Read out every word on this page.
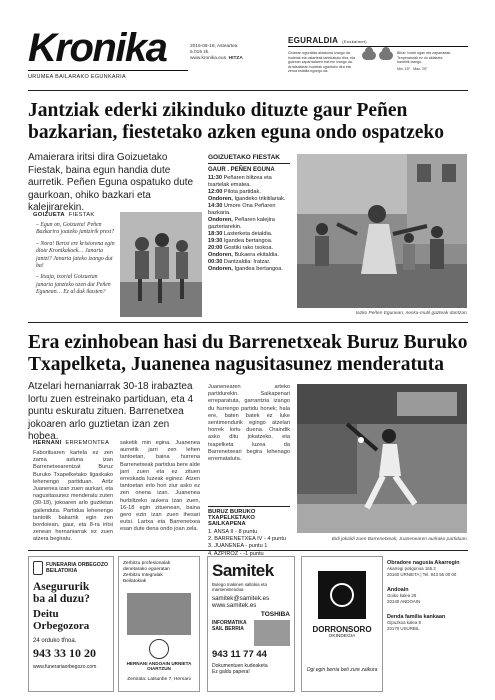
Kronika
URUMEA BAILARAKO EGUNKARIA
2015-08-18, Asteartea
5.015 zk.
www.kronika.eus HITZA
EGURALDIA (Euskalmet)
Goizean eguraldia aldakorra izango da: hodeiak eta ostarteak tartekatuko dira, eta goizean zaparradaren bat ere izango da. Arratsaldean hodeiak ugarituko dira eta zerua estalita egongo da.
Bihar: hodei ugari eta zaparradak. Tenperaturak ez du aldaketa handirik izango.
Min. 15° Max. 25°
Jantziak ederki zikinduko dituzte gaur Peñen bazkarian, fiestetako azken eguna ondo ospatzeko
Amaierara iritsi dira Goizuetako Fiestak, baina egun handia dute aurretik. Peñen Eguna ospatuko dute gaurkoan, ohiko bazkari eta kalejirarekin.
GOIZUETA FIESTAK

– Egun on, Goizueta! Peñen Bazkarira joateko jantzirik prest?

– Nora! Bertsi ere kristorena egin diote Kronikakoek… Janaria jantzi? Janaria jateko izango dut ba!

– Itxaja, txorial Goizuetan janaria janzteko ozen dut Peñen Egunean… Ez al duk ikusten?

GOIZUETAKO FIESTAK
GAUR . PEÑEN EGUNA
11:30 Peñaren biltzea eta txartelak ematea.
12:00 Pilota partidak.
Ondoren, Igandeko trikitilariak.
14:30 Umore Ona Peñaren bazkaria.
Ondoren, Peñaren kalejira gazteriarekin.
18:30 Lasterketa deialdia.
19:30 Igandea bertangoa.
20:00 Gostiki rako txokoa.
Ondoren, Bukaera ekitaldia.
00:30 Dantzaldia: Iratzar.
Ondoren, Igandea bertangoa.
Iazko Peñen Egunean, neska-mutil gazteak dantzan.
Era ezinhobean hasi du Barrenetxeak Buruz Buruko Txapelketa, Juanenea nagusitasunez menderatuta
Atzelari hernaniarrak 30-18 irabaztea lortu zuen estreinako partiduan, eta 4 puntu eskuratu zituen. Barrenetxea jokoaren arlo guztietan izan zen hobea.
HERNANI ERREMONTEA
Faborituaren kartela ez zen zama astuna izan Barrenetxearentzat Buruz Buruko Txapelketako ligaxkako lehenengo partiduan. Aritz Juanenea izan zuen aurkari, eta nagusitasunez menderatu zuten (30-18), jokoaren arlo guztietan gailenduta. Partidua lehenengo tantotik bakarrik egin zen bordoiean, gaur, eta 8-ra iritsi zenean hernaniarrak ez zuen atzera begiratu.
saketik min egina. Juanenea aurretik jarri zen lehen tantoetan, baina hurrena Barrenetxeak partidua bere alde jarri zuen eta ez zituen erreskada luzeak eginez. Atzen tantoetan erlo hori ziur asko ez zen onena izan. Juanenea hurbiltzeko aukera izan zuen, 16-18 egin zituenean, baina gero ezin izan zuen ihesari eutsi. Lartxa eta Barrenetxea esan dute dena ondo joan zela.
Juanenearen arteko partidurekin. Saikapenari erreparatuta, garrantzia izango du hurrengo partidu honek; hala ere, baten batek ez luke sentimendurik egingo atzelari horrek lortu duena. Oraindik asko ditu jokatzeko, eta txapelketa luzea da Barrenetxeari begira lehenago errematatuta.
BURUZ BURUKO TXAPELKETAKO SAILKAPENA
1. ANSA II - 8 puntu
2. BARRENETXEA IV - 4 puntu
3. JUANENEA - puntu 1
4. AZPIROZ - -1 puntu
Bidi jokaldi zuen Barrenetxeak, Juanenearen aurkako partiduan.
FUNERARIA ORBEGOZO BEILATOKIA
Asegururik
ba al duzu?
Deitu Orbegozora
24 orduko tfnoa.
943 33 10 20
www.funerariaorbegozo.com
Zerbitzu profesionalak denetarako egoeratan
Zerbitzu Integralak
Beilatokiak
HERNANI ANDOAIN URNIETA OIARTZUN
Zentrala: Latsunbe 7, Hernani
Samitek
Bulego makinen saltokia eta mantenimendua
samitek@samitek.es
www.samitek.es
TOSHIBA
INFORMATIKA SAIL BERRIA
943 11 77 44
Dokumentuen kudeaketa
Ez galdu papera!
DORRONSORO
OKINDEGIA
Ogi egin berria beti zure zaikura
Obradore nagusia Akarregin
Akarregi poligonoa 165.2
20160 URNIETA | Tel. 943 55 00 00
Andoain
Goiko kalea 25
20140 ANDOAIN
Denda familia kankaan
Gipuzkoa kalea 9
20170 USURBIL
